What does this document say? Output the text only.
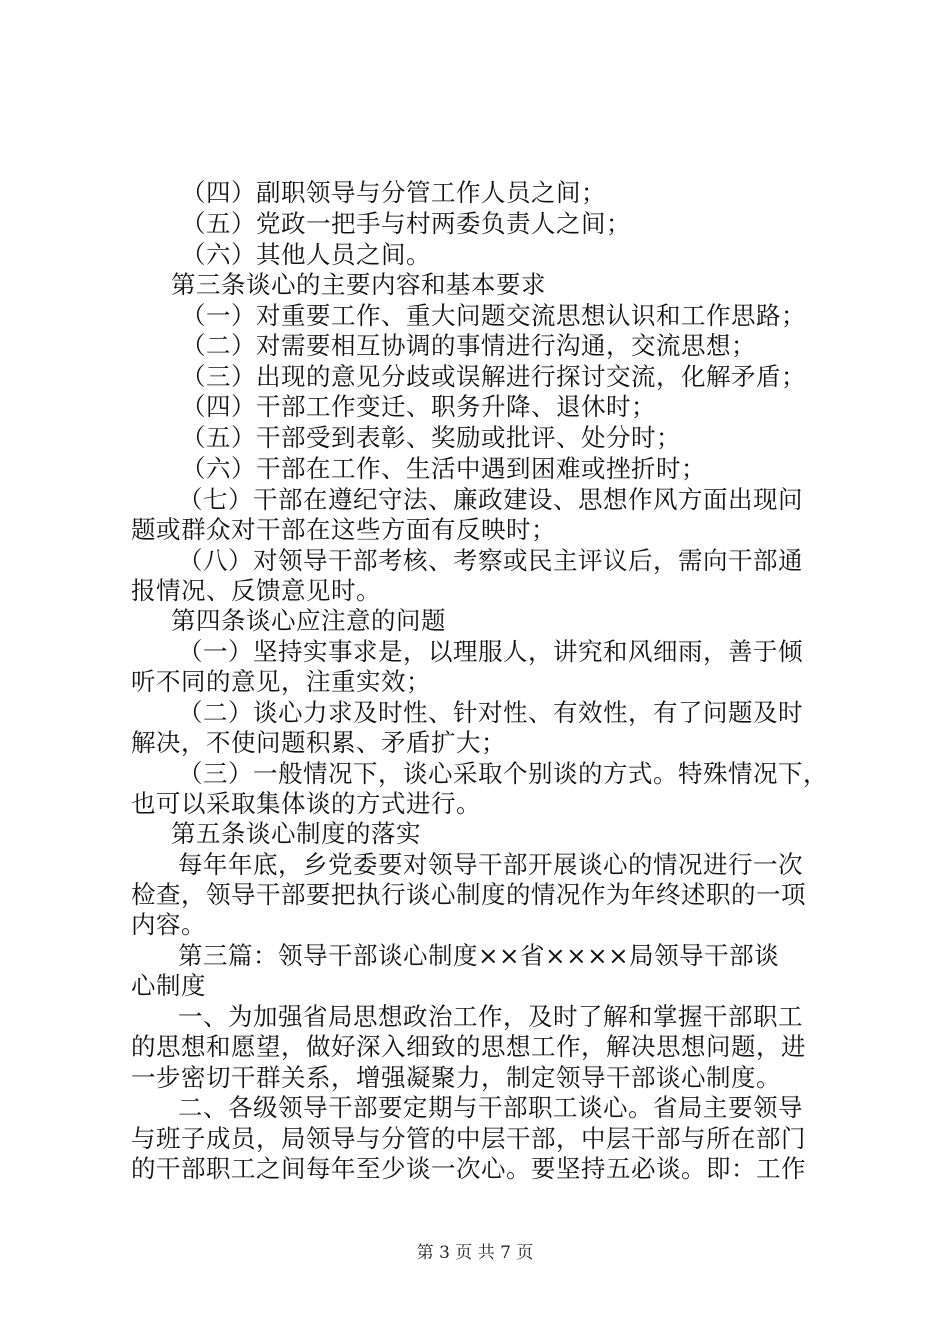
（四）副职领导与分管工作人员之间；
（五）党政一把手与村两委负责人之间；
（六）其他人员之间。
第三条谈心的主要内容和基本要求
（一）对重要工作、重大问题交流思想认识和工作思路；
（二）对需要相互协调的事情进行沟通，交流思想；
（三）出现的意见分歧或误解进行探讨交流，化解矛盾；
（四）干部工作变迁、职务升降、退休时；
（五）干部受到表彰、奖励或批评、处分时；
（六）干部在工作、生活中遇到困难或挫折时；
（七）干部在遵纪守法、廉政建设、思想作风方面出现问
题或群众对干部在这些方面有反映时；
（八）对领导干部考核、考察或民主评议后，需向干部通
报情况、反馈意见时。
第四条谈心应注意的问题
（一）坚持实事求是，以理服人，讲究和风细雨，善于倾
听不同的意见，注重实效；
（二）谈心力求及时性、针对性、有效性，有了问题及时
解决，不使问题积累、矛盾扩大；
（三）一般情况下，谈心采取个别谈的方式。特殊情况下，
也可以采取集体谈的方式进行。
第五条谈心制度的落实
每年年底，乡党委要对领导干部开展谈心的情况进行一次
检查，领导干部要把执行谈心制度的情况作为年终述职的一项
内容。
第三篇：领导干部谈心制度××省××××局领导干部谈
心制度
一、为加强省局思想政治工作，及时了解和掌握干部职工
的思想和愿望，做好深入细致的思想工作，解决思想问题，进
一步密切干群关系，增强凝聚力，制定领导干部谈心制度。
二、各级领导干部要定期与干部职工谈心。省局主要领导
与班子成员，局领导与分管的中层干部，中层干部与所在部门
的干部职工之间每年至少谈一次心。要坚持五必谈。即：工作
第 3 页 共 7 页
